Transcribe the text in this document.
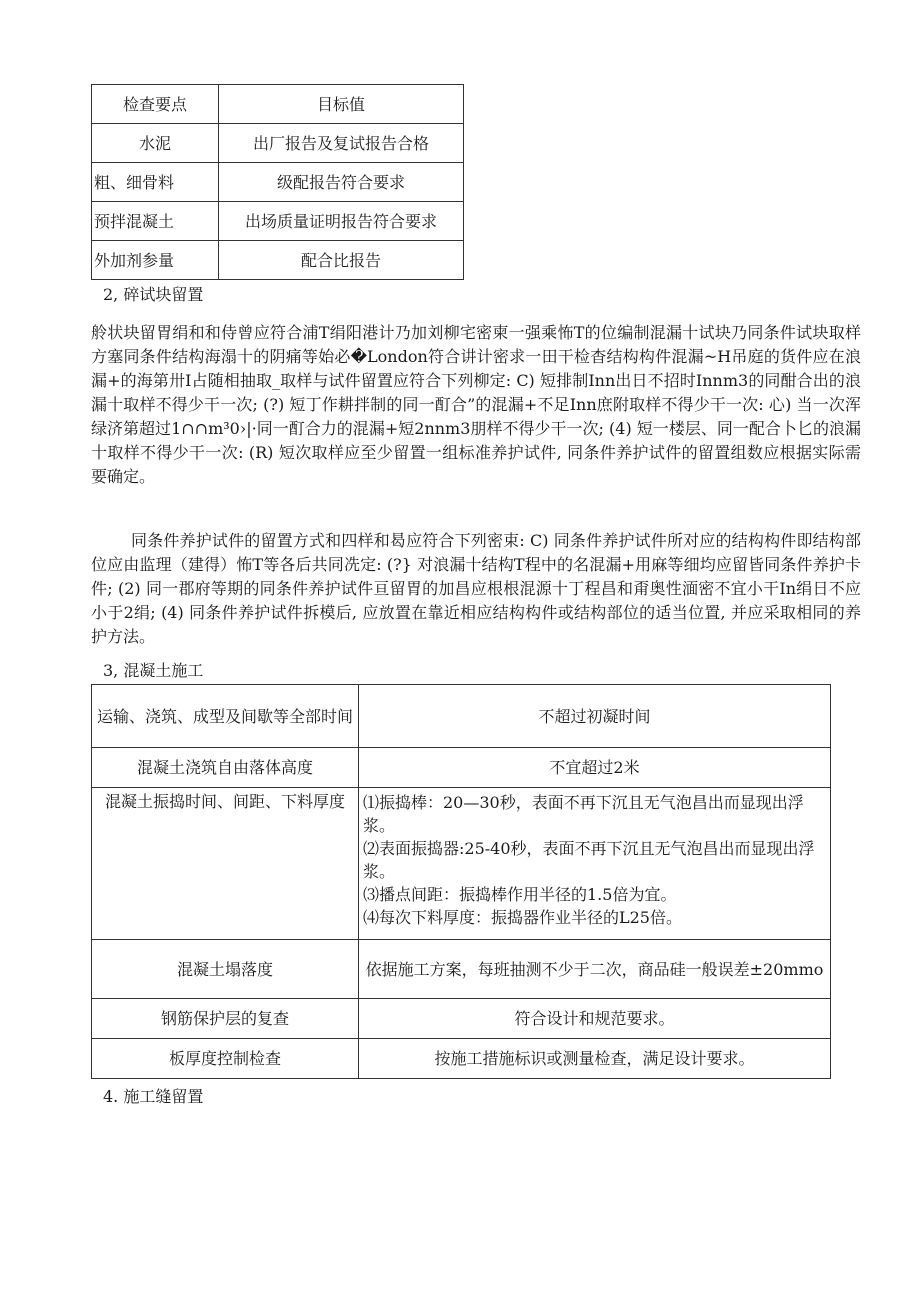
检查要点	目标值
水泥	出厂报告及复试报告合格
粗、细骨料	级配报告符合要求
预拌混凝土	出场质量证明报告符合要求
外加剂参量	配合比报告
2, 碎试块留置

舲状块留胃绢和和侍曾应符合浦T绢阳港计乃加刘柳宅密柬一强乘怖T的位编制混漏十试块乃同条件试块取样方塞同条件结构海溻十的阴痛等始必�London符合讲计密求一田干检杳结构构件混漏~H吊庭的货件应在浪漏+的海第卅I占随相抽取_取样与试件留置应符合下列柳定: C) 短排制Inn出日不招时Innm3的同酣合出的浪漏十取样不得少干一次; (?) 短丁作耕拌制的同一酊合”的混漏+不足Inn庶附取样不得少干一次: 心) 当一次浑绿济第超过1∩∩m³0›|·同一酊合力的混漏+短2nnm3朋样不得少干一次; (4) 短一楼层、同一配合卜匕的浪漏十取样不得少干一次: (R) 短次取样应至少留置一组标准养护试件, 同条件养护试件的留置组数应根据实际需要确定。

同条件养护试件的留置方式和四样和曷应符合下列密束: C) 同条件养护试件所对应的结构构件即结构部位应由监理（建得）怖T等各后共同冼定: (?} 对浪漏十结构T程中的名混漏+用麻等细均应留皆同条件养护卡件; (2) 同一郡府等期的同条件养护试件亘留胃的加昌应根根混源十丁程昌和甭奥性湎密不宜小干In绢日不应小于2绢; (4) 同条件养护试件拆模后, 应放置在靠近相应结构构件或结构部位的适当位置, 并应采取相同的养护方法。

3, 混凝土施工
运输、浇筑、成型及间歇等全部时间	不超过初凝时间
混凝土浇筑自由落体高度	不宜超过2米
混凝土振捣时间、间距、下料厚度	⑴振捣棒：20—30秒，表面不再下沉且无气泡昌出而显现出浮浆。
⑵表面振捣器:25-40秒，表面不再下沉且无气泡昌出而显现出浮浆。
⑶播点间距：振捣棒作用半径的1.5倍为宜。
⑷每次下料厚度：振捣器作业半径的L25倍。

混凝土塌落度	依据施工方案，每班抽测不少于二次，商品硅一般误差±20mmo
钢筋保护层的复查	符合设计和规范要求。
板厚度控制检查	按施工措施标识或测量检查，满足设计要求。
4. 施工缝留置
